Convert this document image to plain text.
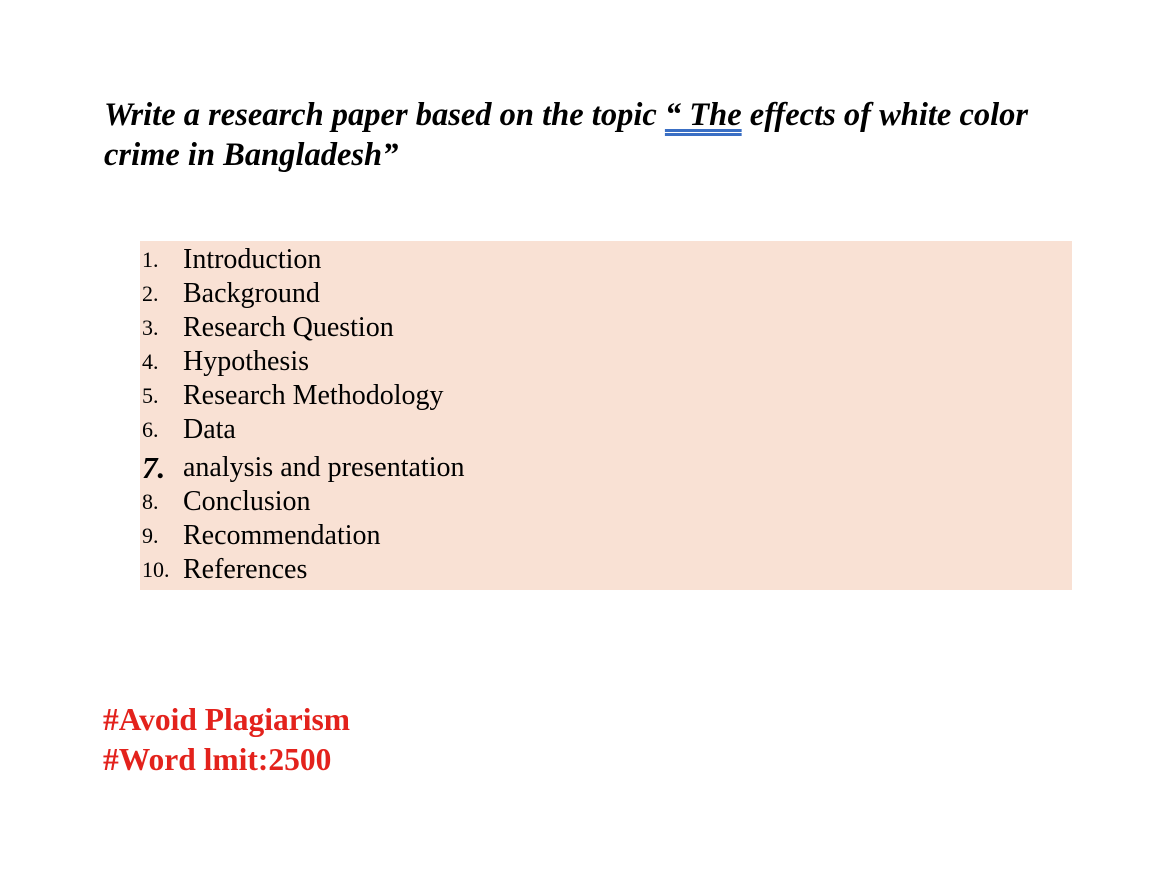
Write a research paper based on the topic “ The effects of white color crime in Bangladesh”
1. Introduction
2. Background
3. Research Question
4. Hypothesis
5. Research Methodology
6. Data
7. analysis and presentation
8. Conclusion
9. Recommendation
10. References
#Avoid Plagiarism
#Word lmit:2500
